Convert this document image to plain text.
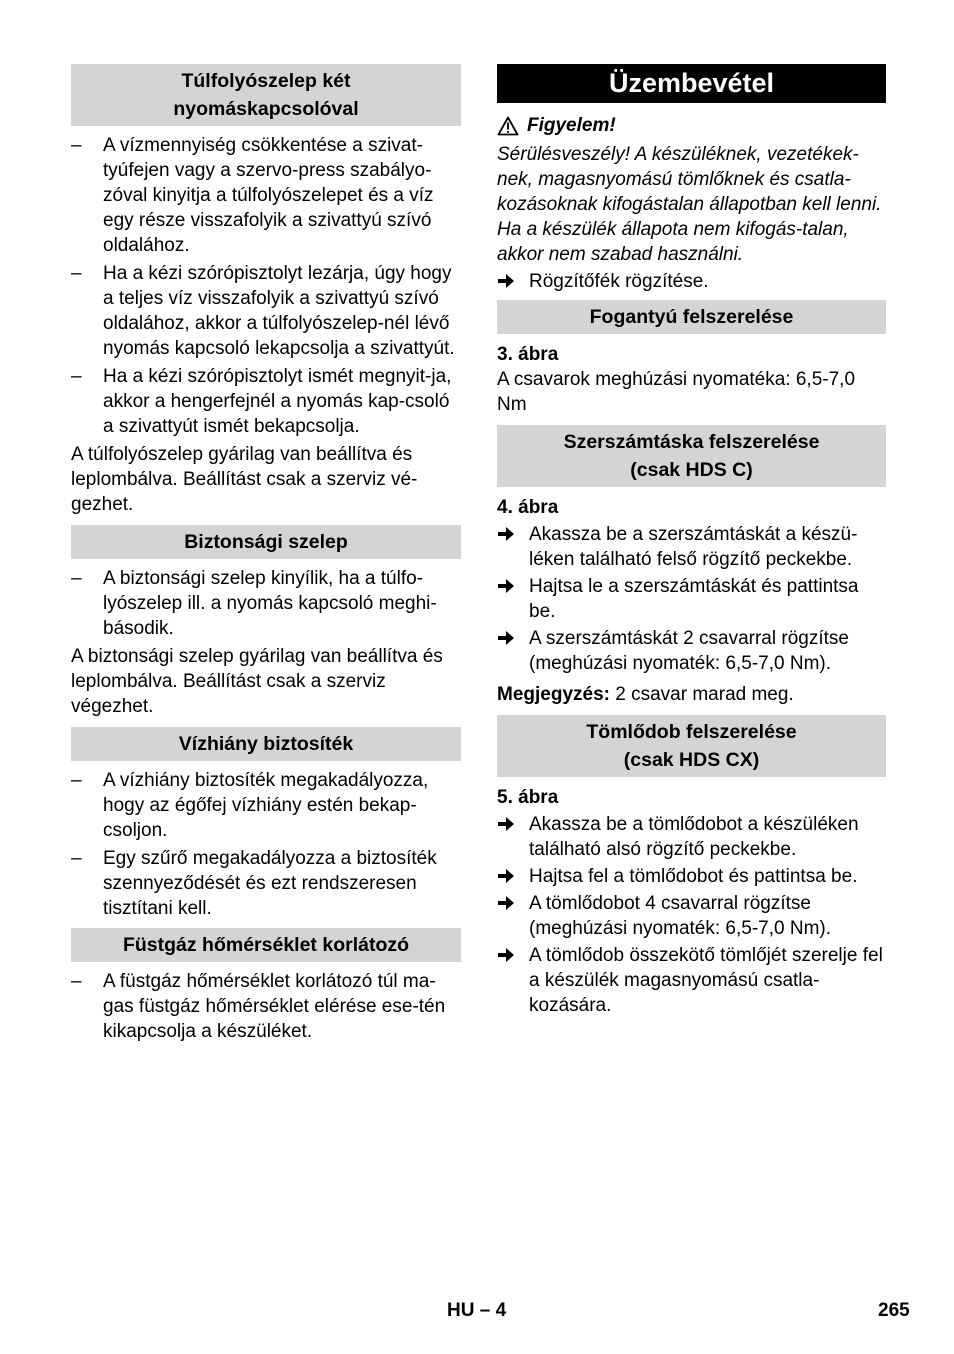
Túlfolyószelep két
nyomáskapcsolóval
– A vízmennyiség csökkentése a szivat-tyúfejen vagy a szervo-press szabályo-zóval kinyitja a túlfolyószelepet és a víz egy része visszafolyik a szivattyú szívó oldalához.
– Ha a kézi szórópisztolyt lezárja, úgy hogy a teljes víz visszafolyik a szivattyú szívó oldalához, akkor a túlfolyószelep-nél lévő nyomás kapcsoló lekapcsolja a szivattyút.
– Ha a kézi szórópisztolyt ismét megnyit-ja, akkor a hengerfejnél a nyomás kap-csoló a szivattyút ismét bekapcsolja.

A túlfolyószelep gyárilag van beállítva és leplombálva. Beállítást csak a szerviz vé-gezhet.

Biztonsági szelep
– A biztonsági szelep kinyílik, ha a túlfo-lyószelep ill. a nyomás kapcsoló meghi-básodik.

A biztonsági szelep gyárilag van beállítva és leplombálva. Beállítást csak a szerviz végezhet.

Vízhiány biztosíték
– A vízhiány biztosíték megakadályozza, hogy az égőfej vízhiány estén bekap-csoljon.
– Egy szűrő megakadályozza a biztosíték szennyeződését és ezt rendszeresen tisztítani kell.
Füstgáz hőmérséklet korlátozó
– A füstgáz hőmérséklet korlátozó túl ma-gas füstgáz hőmérséklet elérése ese-tén kikapcsolja a készüléket.
Üzembevétel
Figyelem!
Sérülésveszély! A készüléknek, vezetékek-nek, magasnyomású tömlőknek és csatla-kozásoknak kifogástalan állapotban kell lenni. Ha a készülék állapota nem kifogás-talan, akkor nem szabad használni.
Rögzítőfék rögzítése.
Fogantyú felszerelése

3. ábra

A csavarok meghúzási nyomatéka: 6,5-7,0 Nm

Szerszámtáska felszerelése
(csak HDS C)

4. ábra

Akassza be a szerszámtáskát a készü-léken található felső rögzítő peckekbe.
Hajtsa le a szerszámtáskát és pattintsa be.
A szerszámtáskát 2 csavarral rögzítse (meghúzási nyomaték: 6,5-7,0 Nm).

Megjegyzés: 2 csavar marad meg.

Tömlődob felszerelése
(csak HDS CX)

5. ábra

Akassza be a tömlődobot a készüléken található alsó rögzítő peckekbe.
Hajtsa fel a tömlődobot és pattintsa be.
A tömlődobot 4 csavarral rögzítse (meghúzási nyomaték: 6,5-7,0 Nm).
A tömlődob összekötő tömlőjét szerelje fel a készülék magasnyomású csatla-kozására.
HU – 4	265
